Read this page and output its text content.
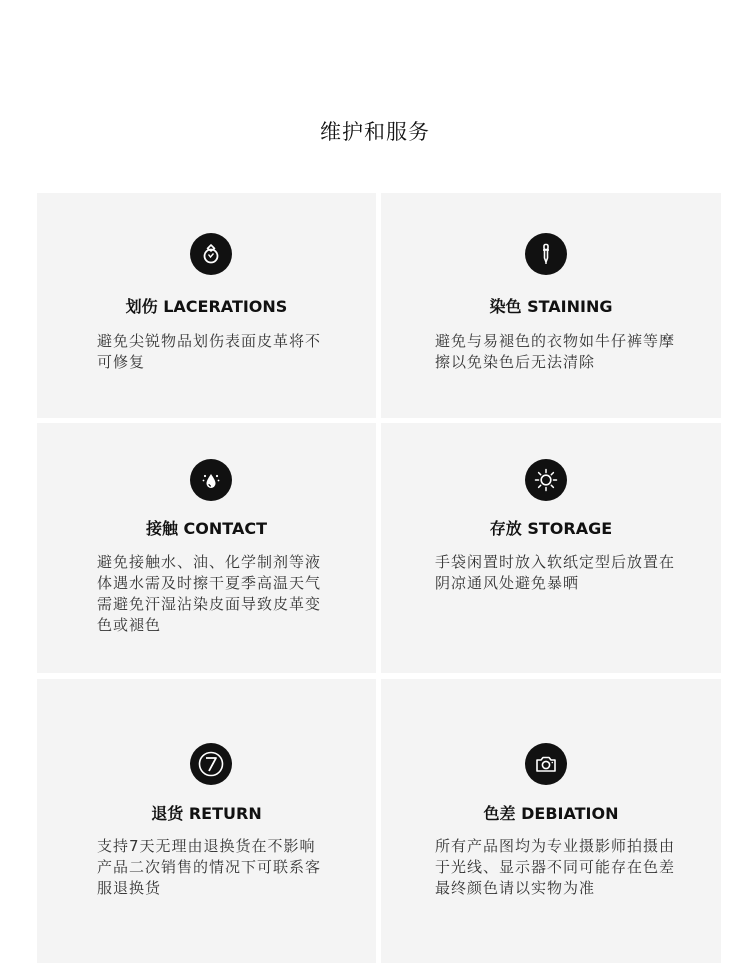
维护和服务
划伤 LACERATIONS
避免尖锐物品划伤表面皮革将不可修复
染色 STAINING
避免与易褪色的衣物如牛仔裤等摩擦以免染色后无法清除
接触 CONTACT
避免接触水、油、化学制剂等液体遇水需及时擦干夏季高温天气需避免汗湿沾染皮面导致皮革变色或褪色
存放 STORAGE
手袋闲置时放入软纸定型后放置在阴凉通风处避免暴晒
退货 RETURN
支持7天无理由退换货在不影响产品二次销售的情况下可联系客服退换货
色差 DEBIATION
所有产品图均为专业摄影师拍摄由于光线、显示器不同可能存在色差最终颜色请以实物为准
